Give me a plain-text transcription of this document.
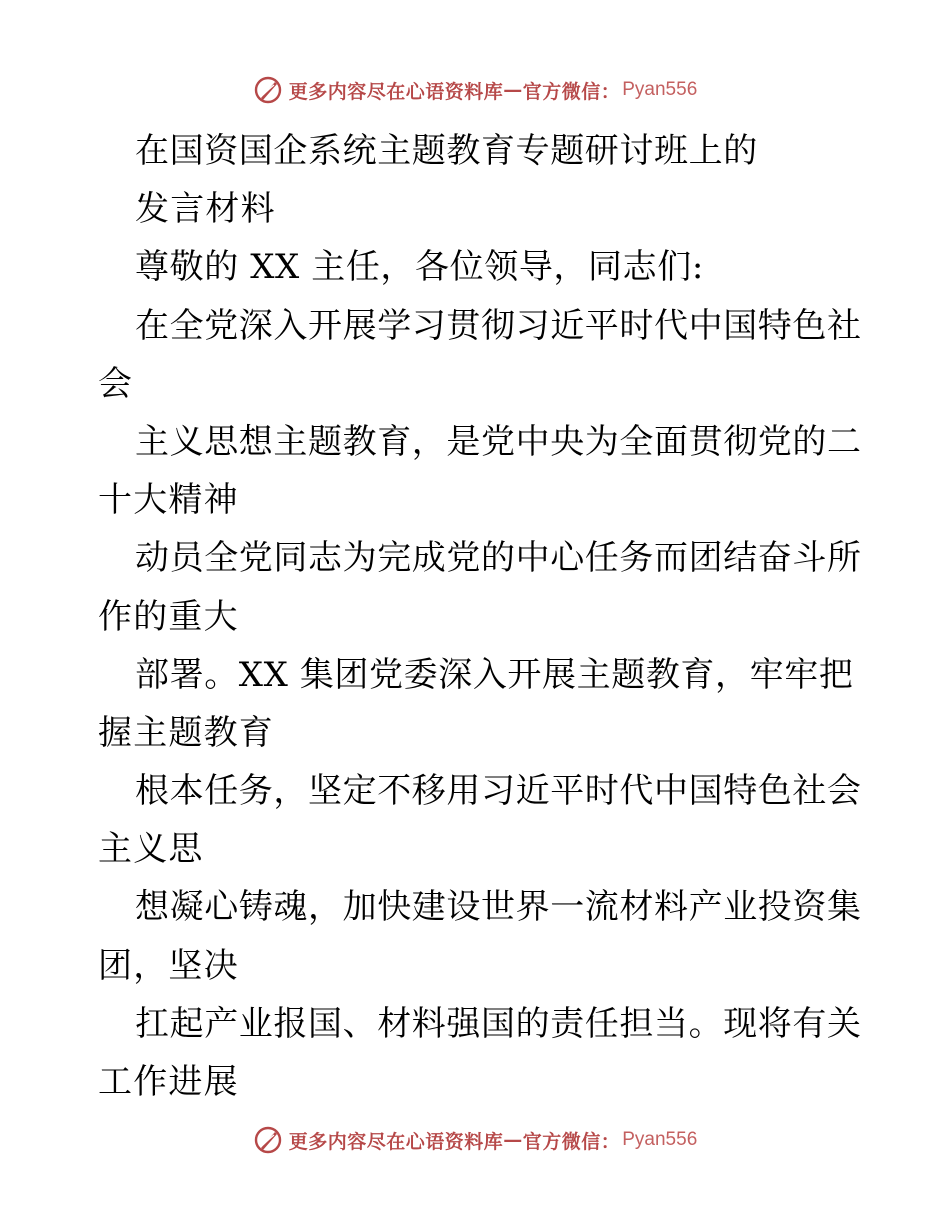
更多内容尽在心语资料库 — 官方微信： Pyan556
在国资国企系统主题教育专题研讨班上的
发言材料
尊敬的 XX 主任，各位领导，同志们:
在全党深入开展学习贯彻习近平时代中国特色社
会
主义思想主题教育，是党中央为全面贯彻党的二
十大精神
动员全党同志为完成党的中心任务而团结奋斗所
作的重大
部署。XX 集团党委深入开展主题教育，牢牢把
握主题教育
根本任务，坚定不移用习近平时代中国特色社会
主义思
想凝心铸魂，加快建设世界一流材料产业投资集
团，坚决
扛起产业报国、材料强国的责任担当。现将有关
工作进展
更多内容尽在心语资料库 — 官方微信： Pyan556
